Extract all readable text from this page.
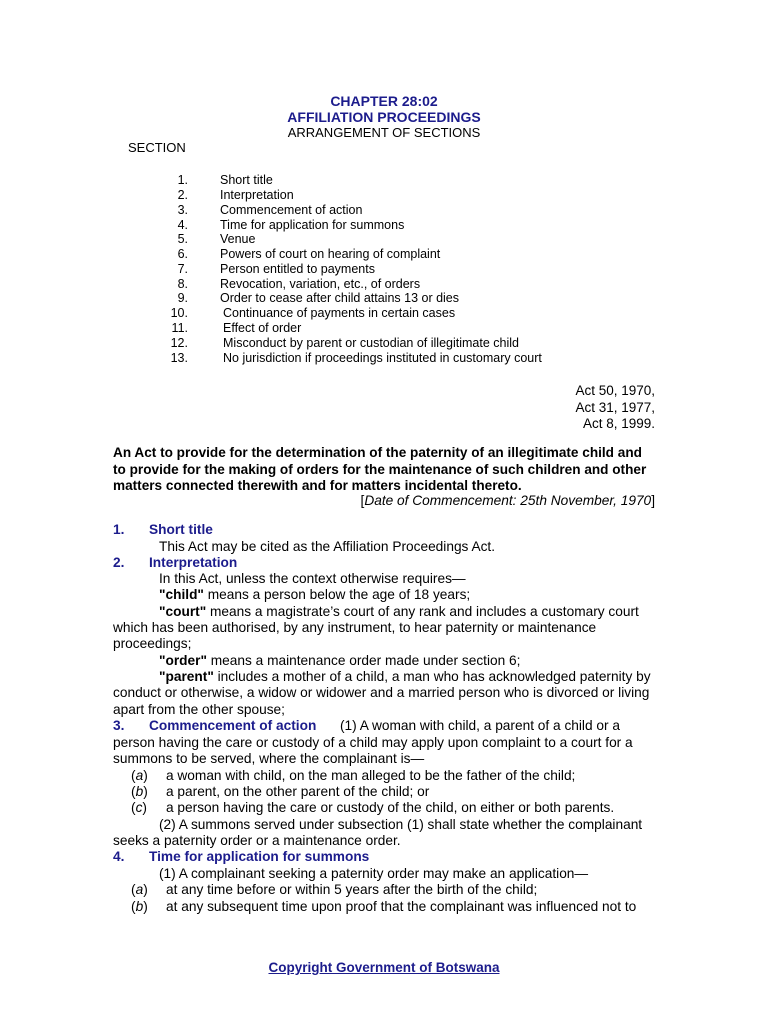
CHAPTER 28:02
AFFILIATION PROCEEDINGS
ARRANGEMENT OF SECTIONS
SECTION
1.	Short title
2.	Interpretation
3.	Commencement of action
4.	Time for application for summons
5.	Venue
6.	Powers of court on hearing of complaint
7.	Person entitled to payments
8.	Revocation, variation, etc., of orders
9.	Order to cease after child attains 13 or dies
10.	Continuance of payments in certain cases
11.	Effect of order
12.	Misconduct by parent or custodian of illegitimate child
13.	No jurisdiction if proceedings instituted in customary court
Act 50, 1970,
Act 31, 1977,
Act 8, 1999.
An Act to provide for the determination of the paternity of an illegitimate child and to provide for the making of orders for the maintenance of such children and other matters connected therewith and for matters incidental thereto.
[Date of Commencement: 25th November, 1970]
1. Short title
This Act may be cited as the Affiliation Proceedings Act.
2. Interpretation
In this Act, unless the context otherwise requires—
"child" means a person below the age of 18 years;
"court" means a magistrate’s court of any rank and includes a customary court
which has been authorised, by any instrument, to hear paternity or maintenance
proceedings;
"order" means a maintenance order made under section 6;
"parent" includes a mother of a child, a man who has acknowledged paternity by
conduct or otherwise, a widow or widower and a married person who is divorced or living
apart from the other spouse;
3. Commencement of action (1) A woman with child, a parent of a child or a
person having the care or custody of a child may apply upon complaint to a court for a
summons to be served, where the complainant is—
(a) a woman with child, on the man alleged to be the father of the child;
(b) a parent, on the other parent of the child; or
(c) a person having the care or custody of the child, on either or both parents.
(2) A summons served under subsection (1) shall state whether the complainant
seeks a paternity order or a maintenance order.
4. Time for application for summons
(1) A complainant seeking a paternity order may make an application—
(a) at any time before or within 5 years after the birth of the child;
(b) at any subsequent time upon proof that the complainant was influenced not to
Copyright Government of Botswana
